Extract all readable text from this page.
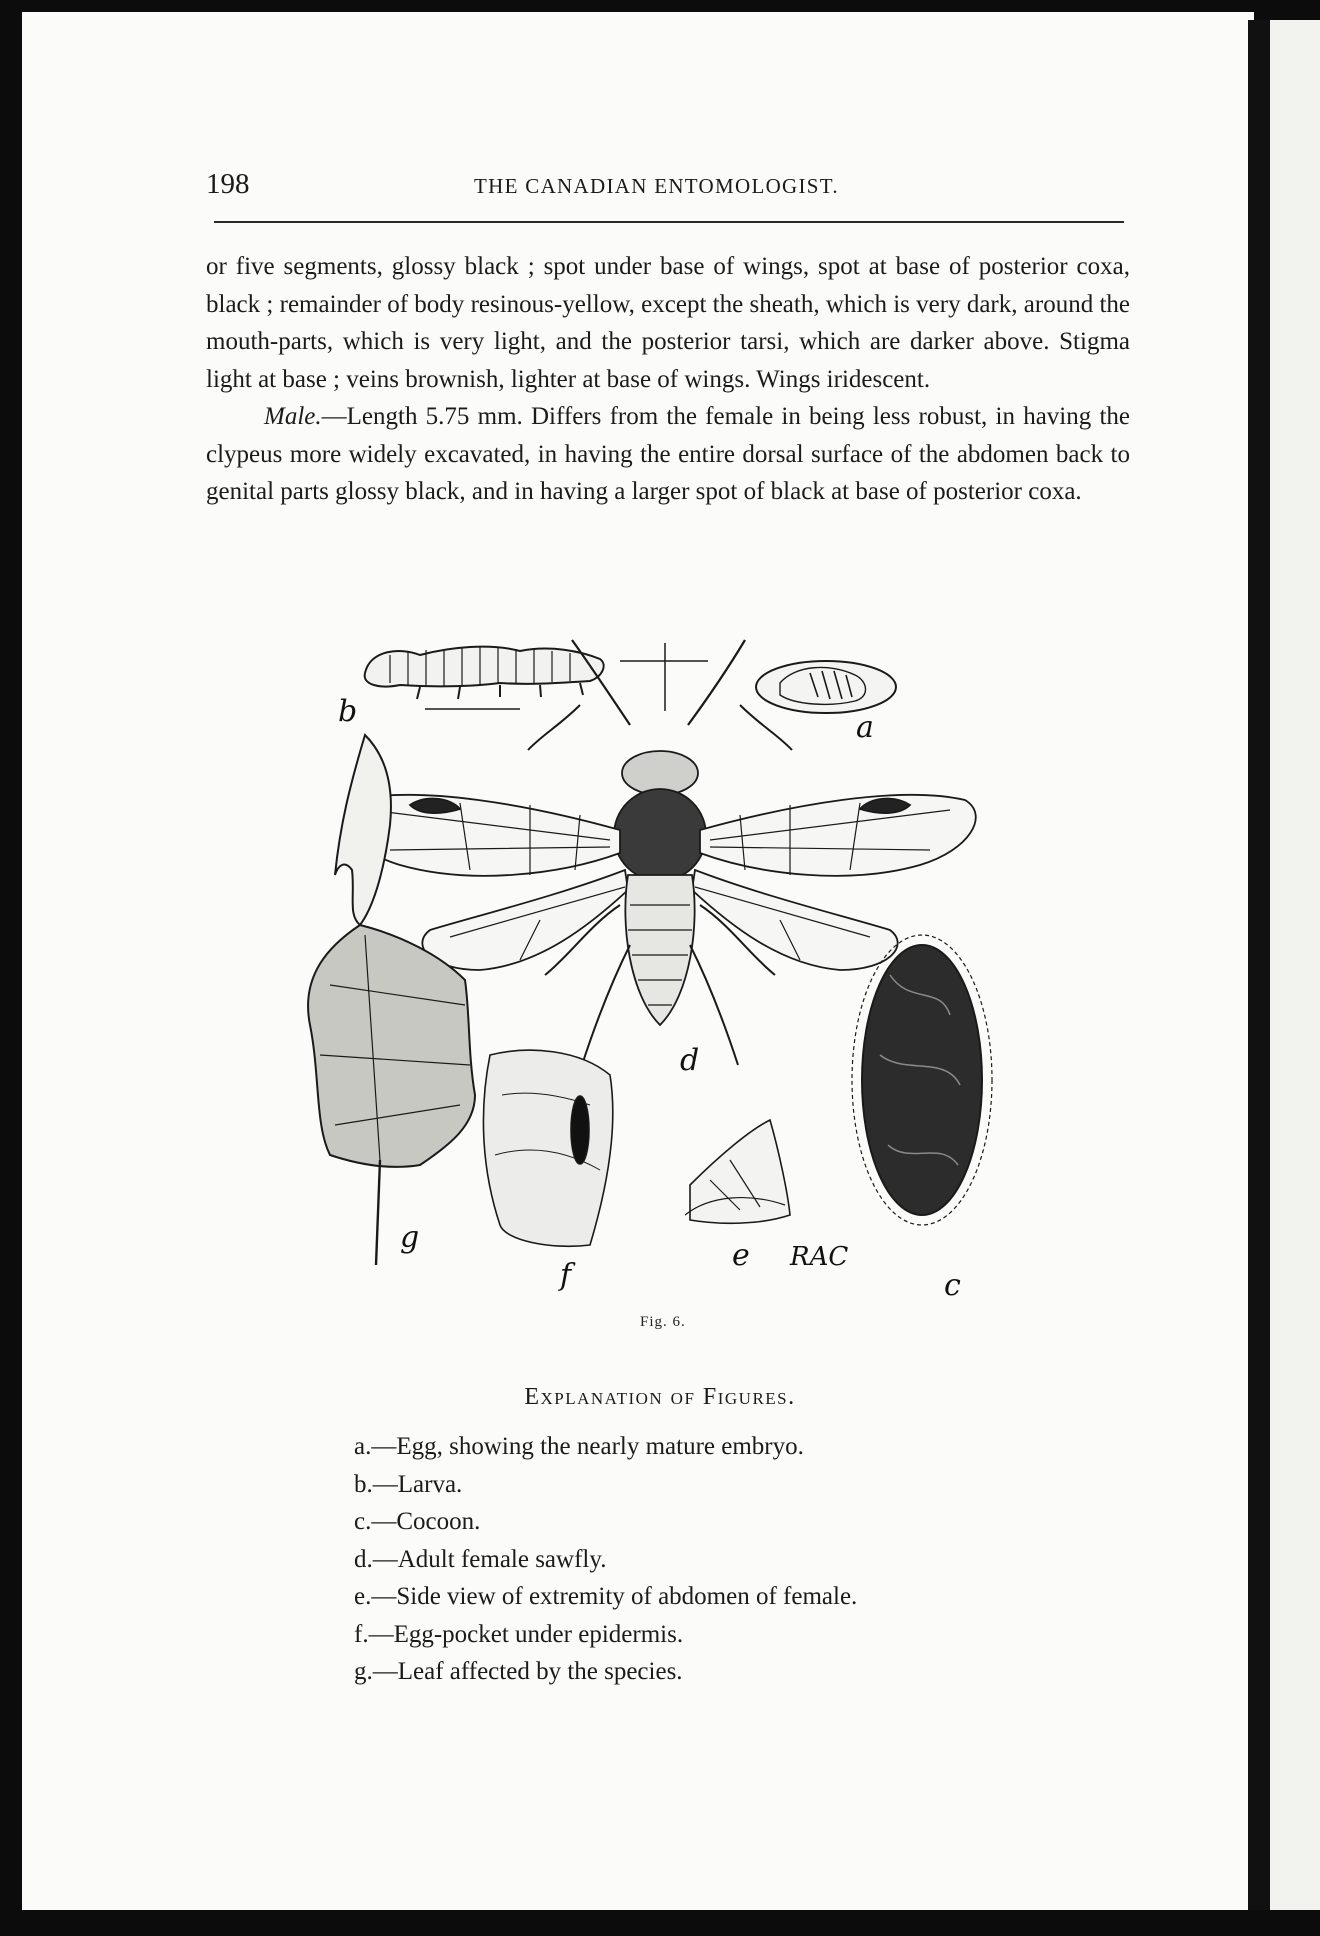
198	THE CANADIAN ENTOMOLOGIST.

or five segments, glossy black ; spot under base of wings, spot at base of posterior coxa, black ; remainder of body resinous-yellow, except the sheath, which is very dark, around the mouth-parts, which is very light, and the posterior tarsi, which are darker above. Stigma light at base ; veins brownish, lighter at base of wings. Wings iridescent.

Male.—Length 5.75 mm. Differs from the female in being less robust, in having the clypeus more widely excavated, in having the entire dorsal surface of the abdomen back to genital parts glossy black, and in having a larger spot of black at base of posterior coxa.

b	a
d
g
f
e RAC
c
Fig. 6.
Explanation of Figures.
a.—Egg, showing the nearly mature embryo.
b.—Larva.
c.—Cocoon.
d.—Adult female sawfly.
e.—Side view of extremity of abdomen of female.
f.—Egg-pocket under epidermis.
g.—Leaf affected by the species.
